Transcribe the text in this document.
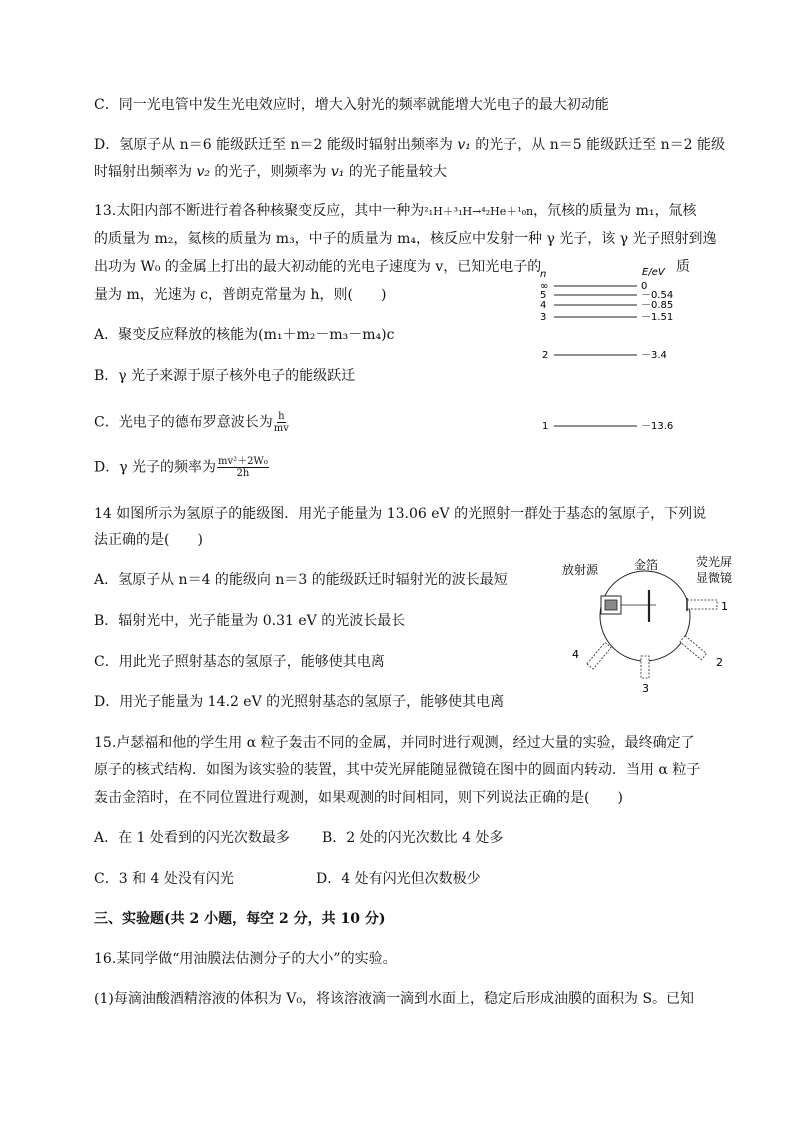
C．同一光电管中发生光电效应时，增大入射光的频率就能增大光电子的最大初动能
D．氢原子从 n＝6 能级跃迁至 n＝2 能级时辐射出频率为 v₁ 的光子，从 n＝5 能级跃迁至 n＝2 能级
时辐射出频率为 v₂ 的光子，则频率为 v₁ 的光子能量较大
13.太阳内部不断进行着各种核聚变反应，其中一种为²₁H＋³₁H→⁴₂He＋¹₀n，氘核的质量为 m₁，氚核
的质量为 m₂，氦核的质量为 m₃，中子的质量为 m₄，核反应中发射一种 γ 光子，该 γ 光子照射到逸
出功为 W₀ 的金属上打出的最大初动能的光电子速度为 v，已知光电子的	质
量为 m，光速为 c，普朗克常量为 h，则(　　)
A．聚变反应释放的核能为(m₁＋m₂－m₃－m₄)c
B．γ 光子来源于原子核外电子的能级跃迁
C．光电子的德布罗意波长为 $\frac{h}{mv}$
D．γ 光子的频率为 $\frac{\text{mv²＋2W₀}}{2h}$
n	E/eV
∞	0
5	－0.54
4	－0.85
3	－1.51
2	－3.4
1	－13.6
14 如图所示为氢原子的能级图．用光子能量为 13.06 eV 的光照射一群处于基态的氢原子，下列说
法正确的是(　　)
A．氢原子从 n＝4 的能级向 n＝3 的能级跃迁时辐射光的波长最短
B．辐射光中，光子能量为 0.31 eV 的光波长最长
C．用此光子照射基态的氢原子，能够使其电离
D．用光子能量为 14.2 eV 的光照射基态的氢原子，能够使其电离
放射源	金箔	荧光屏
显微镜
1
2
3
4
15.卢瑟福和他的学生用 α 粒子轰击不同的金属，并同时进行观测，经过大量的实验，最终确定了
原子的核式结构．如图为该实验的装置，其中荧光屏能随显微镜在图中的圆面内转动．当用 α 粒子
轰击金箔时，在不同位置进行观测，如果观测的时间相同，则下列说法正确的是(　　)
A．在 1 处看到的闪光次数最多 B．2 处的闪光次数比 4 处多
C．3 和 4 处没有闪光	D．4 处有闪光但次数极少
三、实验题(共 2 小题，每空 2 分，共 10 分)
16.某同学做“用油膜法估测分子的大小”的实验。
(1)每滴油酸酒精溶液的体积为 V₀，将该溶液滴一滴到水面上，稳定后形成油膜的面积为 S。已知
